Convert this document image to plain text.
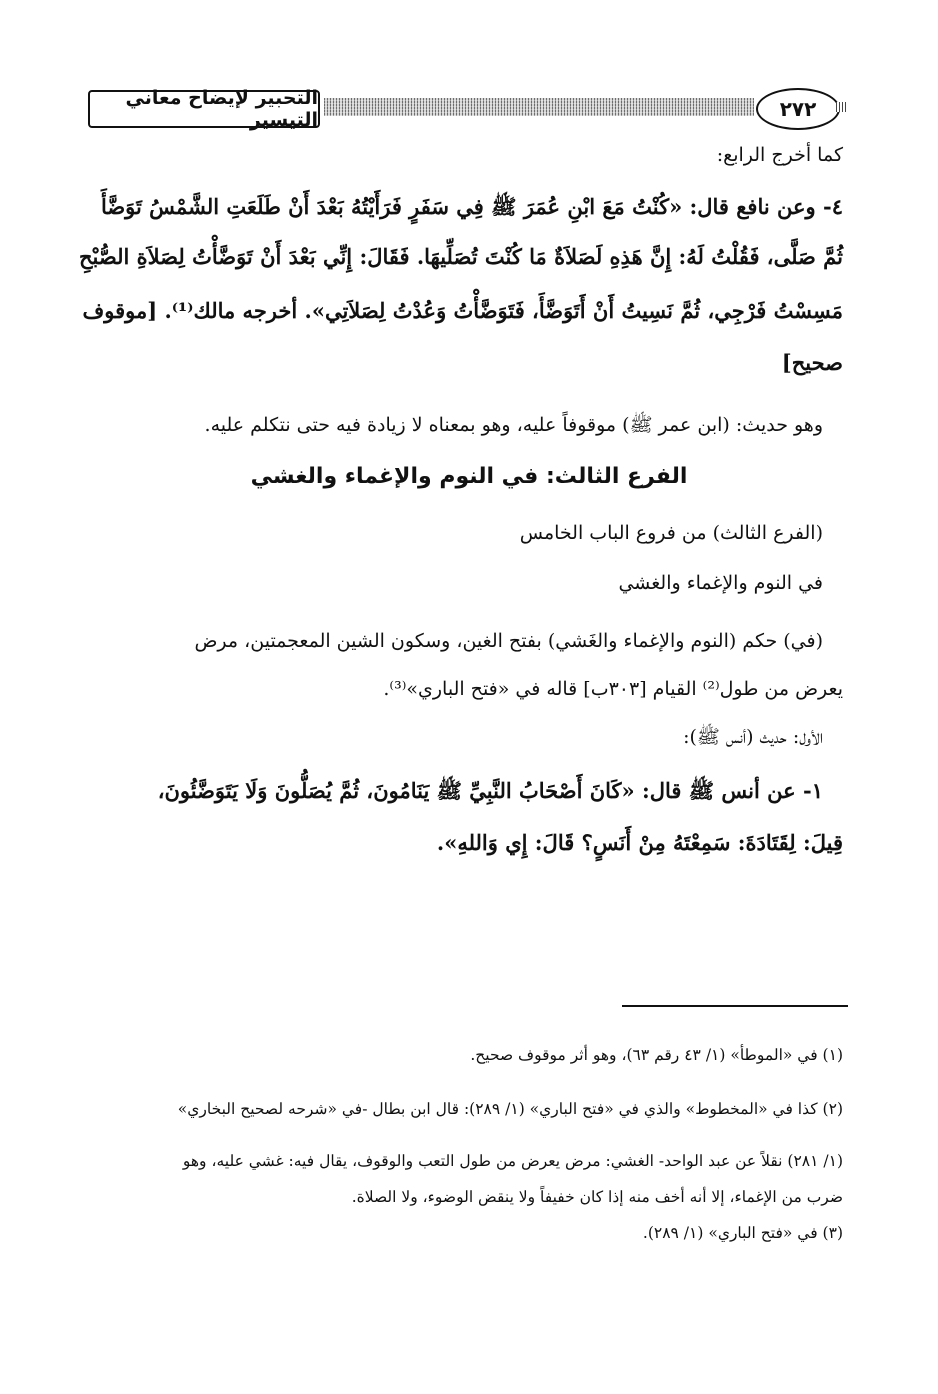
التحبير لإيضاح معاني التيسير	٢٧٢
كما أخرج الرابع:
٤- وعن نافع قال: «كُنْتُ مَعَ ابْنِ عُمَرَ ﷺ فِي سَفَرٍ فَرَأَيْتُهُ بَعْدَ أَنْ طَلَعَتِ الشَّمْسُ تَوَضَّأَ
ثُمَّ صَلَّى، فَقُلْتُ لَهُ: إِنَّ هَذِهِ لَصَلاَةٌ مَا كُنْتَ تُصَلِّيهَا. فَقَالَ: إِنِّي بَعْدَ أَنْ تَوَضَّأْتُ لِصَلاَةِ الصُّبْحِ
مَسِسْتُ فَرْجِي، ثُمَّ نَسِيتُ أَنْ أَتَوَضَّأَ، فَتَوَضَّأْتُ وَعُدْتُ لِصَلاَتِي». أخرجه مالك⁽¹⁾. [موقوف
صحيح]
وهو حديث: (ابن عمر ﷺ) موقوفاً عليه، وهو بمعناه لا زيادة فيه حتى نتكلم عليه.
الفرع الثالث: في النوم والإغماء والغشي
(الفرع الثالث) من فروع الباب الخامس
في النوم والإغماء والغشي
(في) حكم (النوم والإغماء والغَشي) بفتح الغين، وسكون الشين المعجمتين، مرض
يعرض من طول⁽²⁾ القيام [٣٠٣ب] قاله في «فتح الباري»⁽³⁾.
الأول: حديث (أنس ﷺ):
١- عن أنس ﷺ قال: «كَانَ أَصْحَابُ النَّبِيِّ ﷺ يَنَامُونَ، ثُمَّ يُصَلُّونَ وَلَا يَتَوَضَّئُونَ،
قِيلَ: لِقَتَادَةَ: سَمِعْتَهُ مِنْ أَنَسٍ؟ قَالَ: إِي وَاللهِ».
(١) في «الموطأ» (١/ ٤٣ رقم ٦٣)، وهو أثر موقوف صحيح.
(٢) كذا في «المخطوط» والذي في «فتح الباري» (١/ ٢٨٩): قال ابن بطال -في «شرحه لصحيح البخاري»
(١/ ٢٨١) نقلاً عن عبد الواحد- الغشي: مرض يعرض من طول التعب والوقوف، يقال فيه: غشي عليه، وهو
ضرب من الإغماء، إلا أنه أخف منه إذا كان خفيفاً ولا ينقض الوضوء، ولا الصلاة.
(٣) في «فتح الباري» (١/ ٢٨٩).
